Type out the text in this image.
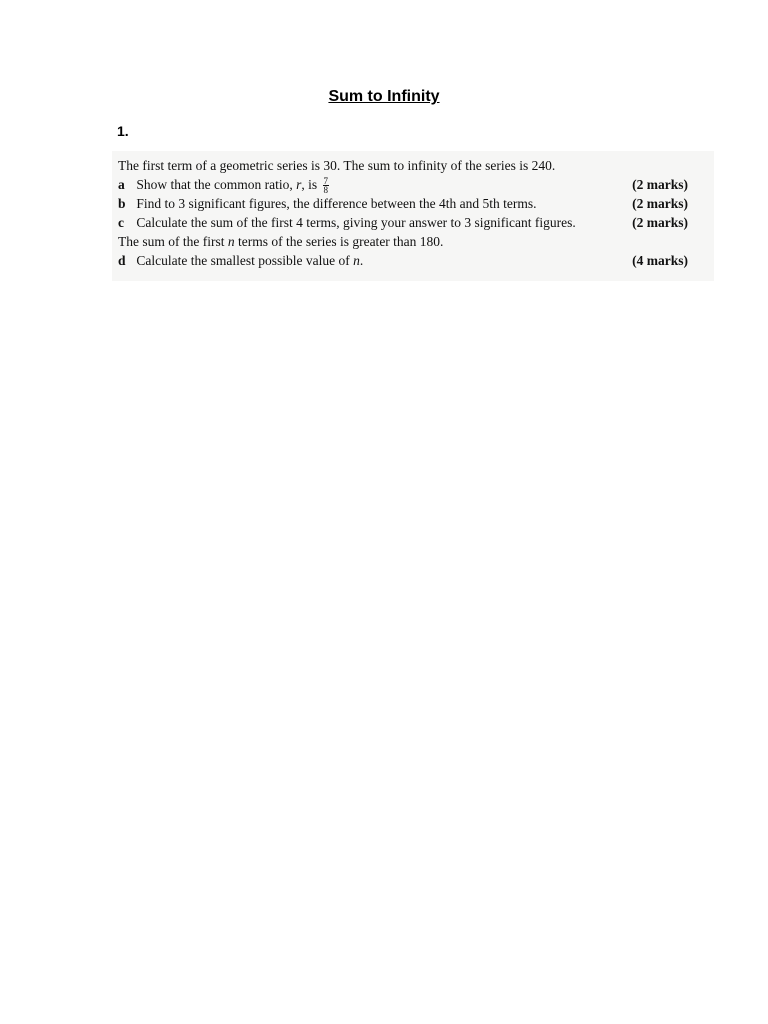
Sum to Infinity
1.
The first term of a geometric series is 30. The sum to infinity of the series is 240.
a Show that the common ratio, r, is $\frac{7}{8}$	(2 marks)
b Find to 3 significant figures, the difference between the 4th and 5th terms.	(2 marks)
c Calculate the sum of the first 4 terms, giving your answer to 3 significant figures.	(2 marks)
The sum of the first n terms of the series is greater than 180.
d Calculate the smallest possible value of n.	(4 marks)
